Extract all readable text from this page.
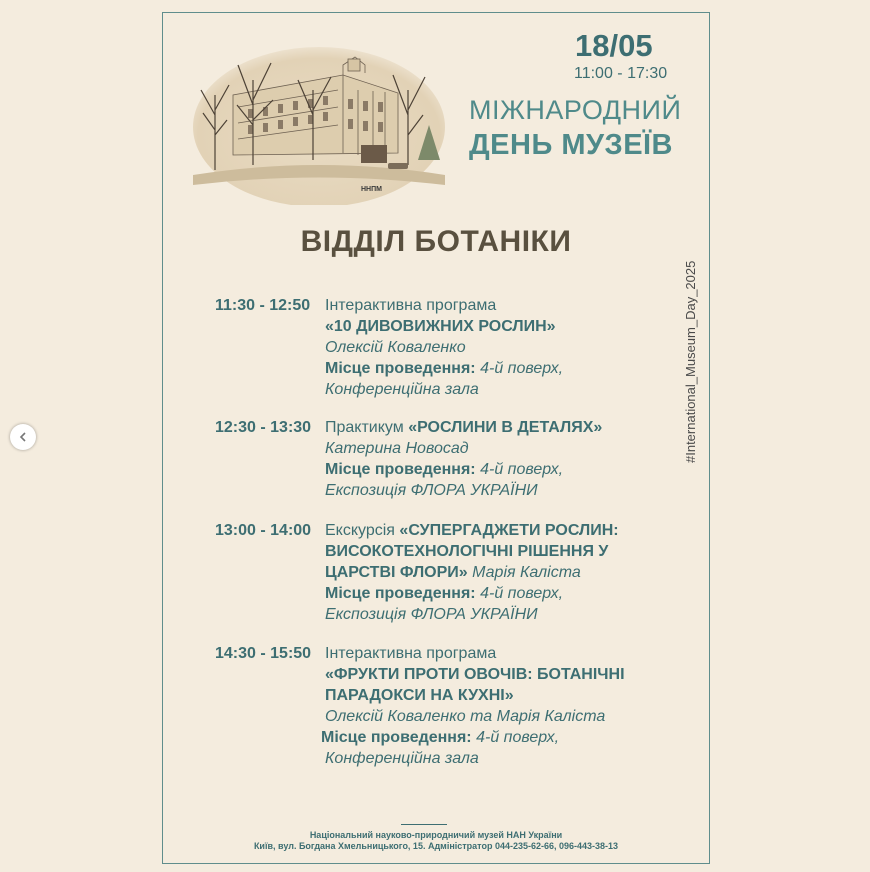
ННПМ
18/05
11:00 - 17:30
МІЖНАРОДНИЙ
ДЕНЬ МУЗЕЇВ
ВІДДІЛ БОТАНІКИ
#International_Museum_Day_2025
11:30 - 12:50 Інтерактивна програма
«10 ДИВОВИЖНИХ РОСЛИН»
Олексій Коваленко
Місце проведення: 4-й поверх,
Конференційна зала
12:30 - 13:30 Практикум «РОСЛИНИ В ДЕТАЛЯХ»
Катерина Новосад
Місце проведення: 4-й поверх,
Експозиція ФЛОРА УКРАЇНИ
13:00 - 14:00 Екскурсія «СУПЕРГАДЖЕТИ РОСЛИН:
ВИСОКОТЕХНОЛОГІЧНІ РІШЕННЯ У
ЦАРСТВІ ФЛОРИ» Марія Каліста
Місце проведення: 4-й поверх,
Експозиція ФЛОРА УКРАЇНИ
14:30 - 15:50 Інтерактивна програма
«ФРУКТИ ПРОТИ ОВОЧІВ: БОТАНІЧНІ
ПАРАДОКСИ НА КУХНІ»
Олексій Коваленко та Марія Каліста
Місце проведення: 4-й поверх,
Конференційна зала
Національний науково-природничий музей НАН України
Київ, вул. Богдана Хмельницького, 15. Адміністратор 044-235-62-66, 096-443-38-13
